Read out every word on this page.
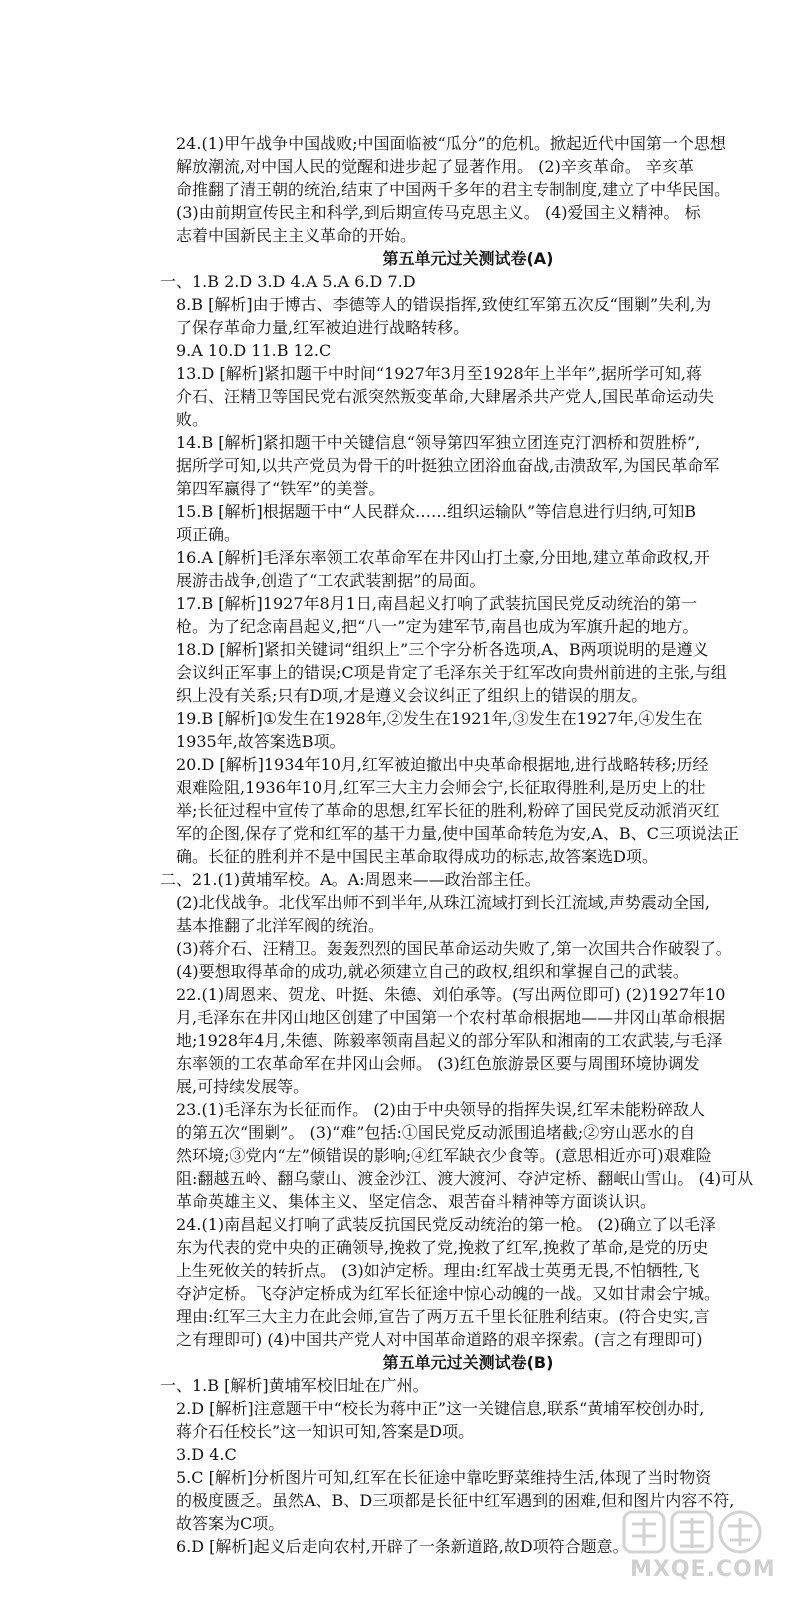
24.(1)甲午战争中国战败;中国面临被“瓜分”的危机。掀起近代中国第一个思想
解放潮流,对中国人民的觉醒和进步起了显著作用。 (2)辛亥革命。 辛亥革
命推翻了清王朝的统治,结束了中国两千多年的君主专制制度,建立了中华民国。
(3)由前期宣传民主和科学,到后期宣传马克思主义。 (4)爱国主义精神。 标
志着中国新民主主义革命的开始。
第五单元过关测试卷(A)
一、1.B 2.D 3.D 4.A 5.A 6.D 7.D
8.B [解析]由于博古、李德等人的错误指挥,致使红军第五次反“围剿”失利,为
了保存革命力量,红军被迫进行战略转移。
9.A 10.D 11.B 12.C
13.D [解析]紧扣题干中时间“1927年3月至1928年上半年”,据所学可知,蒋
介石、汪精卫等国民党右派突然叛变革命,大肆屠杀共产党人,国民革命运动失
败。
14.B [解析]紧扣题干中关键信息“领导第四军独立团连克汀泗桥和贺胜桥”,
据所学可知,以共产党员为骨干的叶挺独立团浴血奋战,击溃敌军,为国民革命军
第四军赢得了“铁军”的美誉。
15.B [解析]根据题干中“人民群众……组织运输队”等信息进行归纳,可知B
项正确。
16.A [解析]毛泽东率领工农革命军在井冈山打土豪,分田地,建立革命政权,开
展游击战争,创造了“工农武装割据”的局面。
17.B [解析]1927年8月1日,南昌起义打响了武装抗国民党反动统治的第一
枪。为了纪念南昌起义,把“八一”定为建军节,南昌也成为军旗升起的地方。
18.D [解析]紧扣关键词“组织上”三个字分析各选项,A、B两项说明的是遵义
会议纠正军事上的错误;C项是肯定了毛泽东关于红军改向贵州前进的主张,与组
织上没有关系;只有D项,才是遵义会议纠正了组织上的错误的朋友。
19.B [解析]①发生在1928年,②发生在1921年,③发生在1927年,④发生在
1935年,故答案选B项。
20.D [解析]1934年10月,红军被迫撤出中央革命根据地,进行战略转移;历经
艰难险阻,1936年10月,红军三大主力会师会宁,长征取得胜利,是历史上的壮
举;长征过程中宣传了革命的思想,红军长征的胜利,粉碎了国民党反动派消灭红
军的企图,保存了党和红军的基干力量,使中国革命转危为安,A、B、C三项说法正
确。长征的胜利并不是中国民主革命取得成功的标志,故答案选D项。
二、21.(1)黄埔军校。A。A:周恩来——政治部主任。
(2)北伐战争。北伐军出师不到半年,从珠江流域打到长江流域,声势震动全国,
基本推翻了北洋军阀的统治。
(3)蒋介石、汪精卫。轰轰烈烈的国民革命运动失败了,第一次国共合作破裂了。
(4)要想取得革命的成功,就必须建立自己的政权,组织和掌握自己的武装。
22.(1)周恩来、贺龙、叶挺、朱德、刘伯承等。(写出两位即可) (2)1927年10
月,毛泽东在井冈山地区创建了中国第一个农村革命根据地——井冈山革命根据
地;1928年4月,朱德、陈毅率领南昌起义的部分军队和湘南的工农武装,与毛泽
东率领的工农革命军在井冈山会师。 (3)红色旅游景区要与周围环境协调发
展,可持续发展等。
23.(1)毛泽东为长征而作。 (2)由于中央领导的指挥失误,红军未能粉碎敌人
的第五次“围剿”。 (3)“难”包括:①国民党反动派围追堵截;②穷山恶水的自
然环境;③党内“左”倾错误的影响;④红军缺衣少食等。(意思相近亦可)艰难险
阻:翻越五岭、翻乌蒙山、渡金沙江、渡大渡河、夺泸定桥、翻岷山雪山。 (4)可从
革命英雄主义、集体主义、坚定信念、艰苦奋斗精神等方面谈认识。
24.(1)南昌起义打响了武装反抗国民党反动统治的第一枪。 (2)确立了以毛泽
东为代表的党中央的正确领导,挽救了党,挽救了红军,挽救了革命,是党的历史
上生死攸关的转折点。 (3)如泸定桥。理由:红军战士英勇无畏,不怕牺牲,飞
夺泸定桥。飞夺泸定桥成为红军长征途中惊心动魄的一战。又如甘肃会宁城。
理由:红军三大主力在此会师,宣告了两万五千里长征胜利结束。(符合史实,言
之有理即可) (4)中国共产党人对中国革命道路的艰辛探索。(言之有理即可)
第五单元过关测试卷(B)
一、1.B [解析]黄埔军校旧址在广州。
2.D [解析]注意题干中“校长为蒋中正”这一关键信息,联系“黄埔军校创办时,
蒋介石任校长”这一知识可知,答案是D项。
3.D 4.C
5.C [解析]分析图片可知,红军在长征途中靠吃野菜维持生活,体现了当时物资
的极度匮乏。虽然A、B、D三项都是长征中红军遇到的困难,但和图片内容不符,
故答案为C项。
6.D [解析]起义后走向农村,开辟了一条新道路,故D项符合题意。
MXQE.COM
